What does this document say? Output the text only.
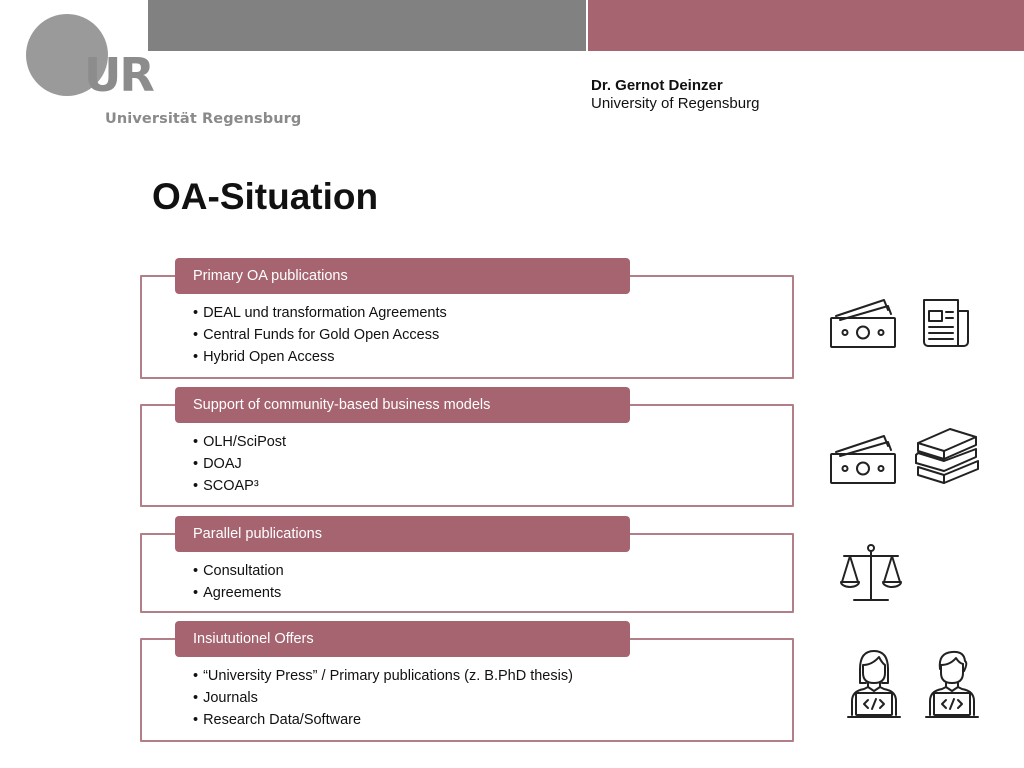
UR
Universität Regensburg
Dr. Gernot Deinzer
University of Regensburg
OA-Situation
Primary OA publications
• DEAL und transformation Agreements
• Central Funds for Gold Open Access
• Hybrid Open Access
Support of community-based business models
• OLH/SciPost
• DOAJ
• SCOAP³
Parallel publications
• Consultation
• Agreements
Insiututionel Offers
• “University Press” / Primary publications (z. B.PhD thesis)
• Journals
• Research Data/Software
